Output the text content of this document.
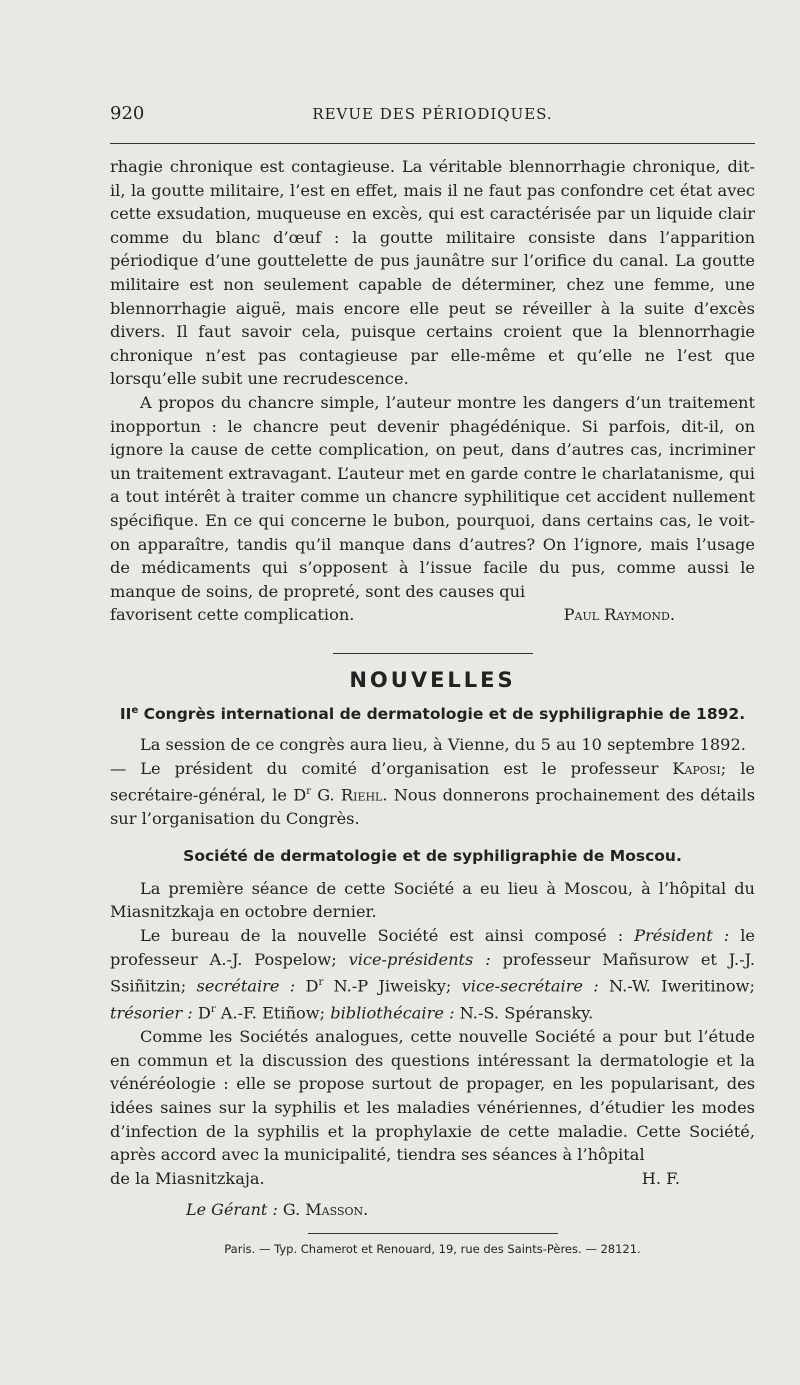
920	REVUE DES PÉRIODIQUES.

rhagie chronique est contagieuse. La véritable blennorrhagie chronique, dit-il, la goutte militaire, l’est en effet, mais il ne faut pas confondre cet état avec cette exsudation, muqueuse en excès, qui est caractérisée par un liquide clair comme du blanc d’œuf : la goutte militaire consiste dans l’apparition périodique d’une gouttelette de pus jaunâtre sur l’orifice du canal. La goutte militaire est non seulement capable de déterminer, chez une femme, une blennorrhagie aiguë, mais encore elle peut se réveiller à la suite d’excès divers. Il faut savoir cela, puisque certains croient que la blennorrhagie chronique n’est pas contagieuse par elle-même et qu’elle ne l’est que lorsqu’elle subit une recrudescence.

A propos du chancre simple, l’auteur montre les dangers d’un traitement inopportun : le chancre peut devenir phagédénique. Si parfois, dit-il, on ignore la cause de cette complication, on peut, dans d’autres cas, incriminer un traitement extravagant. L’auteur met en garde contre le charlatanisme, qui a tout intérêt à traiter comme un chancre syphilitique cet accident nullement spécifique. En ce qui concerne le bubon, pourquoi, dans certains cas, le voit-on apparaître, tandis qu’il manque dans d’autres? On l’ignore, mais l’usage de médicaments qui s’opposent à l’issue facile du pus, comme aussi le manque de soins, de propreté, sont des causes qui

favorisent cette complication.	Paul Raymond.

NOUVELLES
IIe Congrès international de dermatologie et de syphiligraphie de 1892.

La session de ce congrès aura lieu, à Vienne, du 5 au 10 septembre 1892.

— Le président du comité d’organisation est le professeur Kaposi; le secrétaire-général, le $D^r$ G. Riehl. Nous donnerons prochainement des détails sur l’organisation du Congrès.

Société de dermatologie et de syphiligraphie de Moscou.

La première séance de cette Société a eu lieu à Moscou, à l’hôpital du Miasnitzkaja en octobre dernier.

Le bureau de la nouvelle Société est ainsi composé : Président : le professeur A.-J. Pospelow; vice-présidents : professeur Mañsurow et J.-J. Ssiñitzin; secrétaire : $D^r$ N.-P Jiweisky; vice-secrétaire : N.-W. Iweritinow; trésorier : $D^r$ A.-F. Etiñow; bibliothécaire : N.-S. Spéransky.

Comme les Sociétés analogues, cette nouvelle Société a pour but l’étude en commun et la discussion des questions intéressant la dermatologie et la vénéréologie : elle se propose surtout de propager, en les popularisant, des idées saines sur la syphilis et les maladies vénériennes, d’étudier les modes d’infection de la syphilis et la prophylaxie de cette maladie. Cette Société, après accord avec la municipalité, tiendra ses séances à l’hôpital

de la Miasnitzkaja.	H. F.

Le Gérant : G. Masson.
Paris. — Typ. Chamerot et Renouard, 19, rue des Saints-Pères. — 28121.
